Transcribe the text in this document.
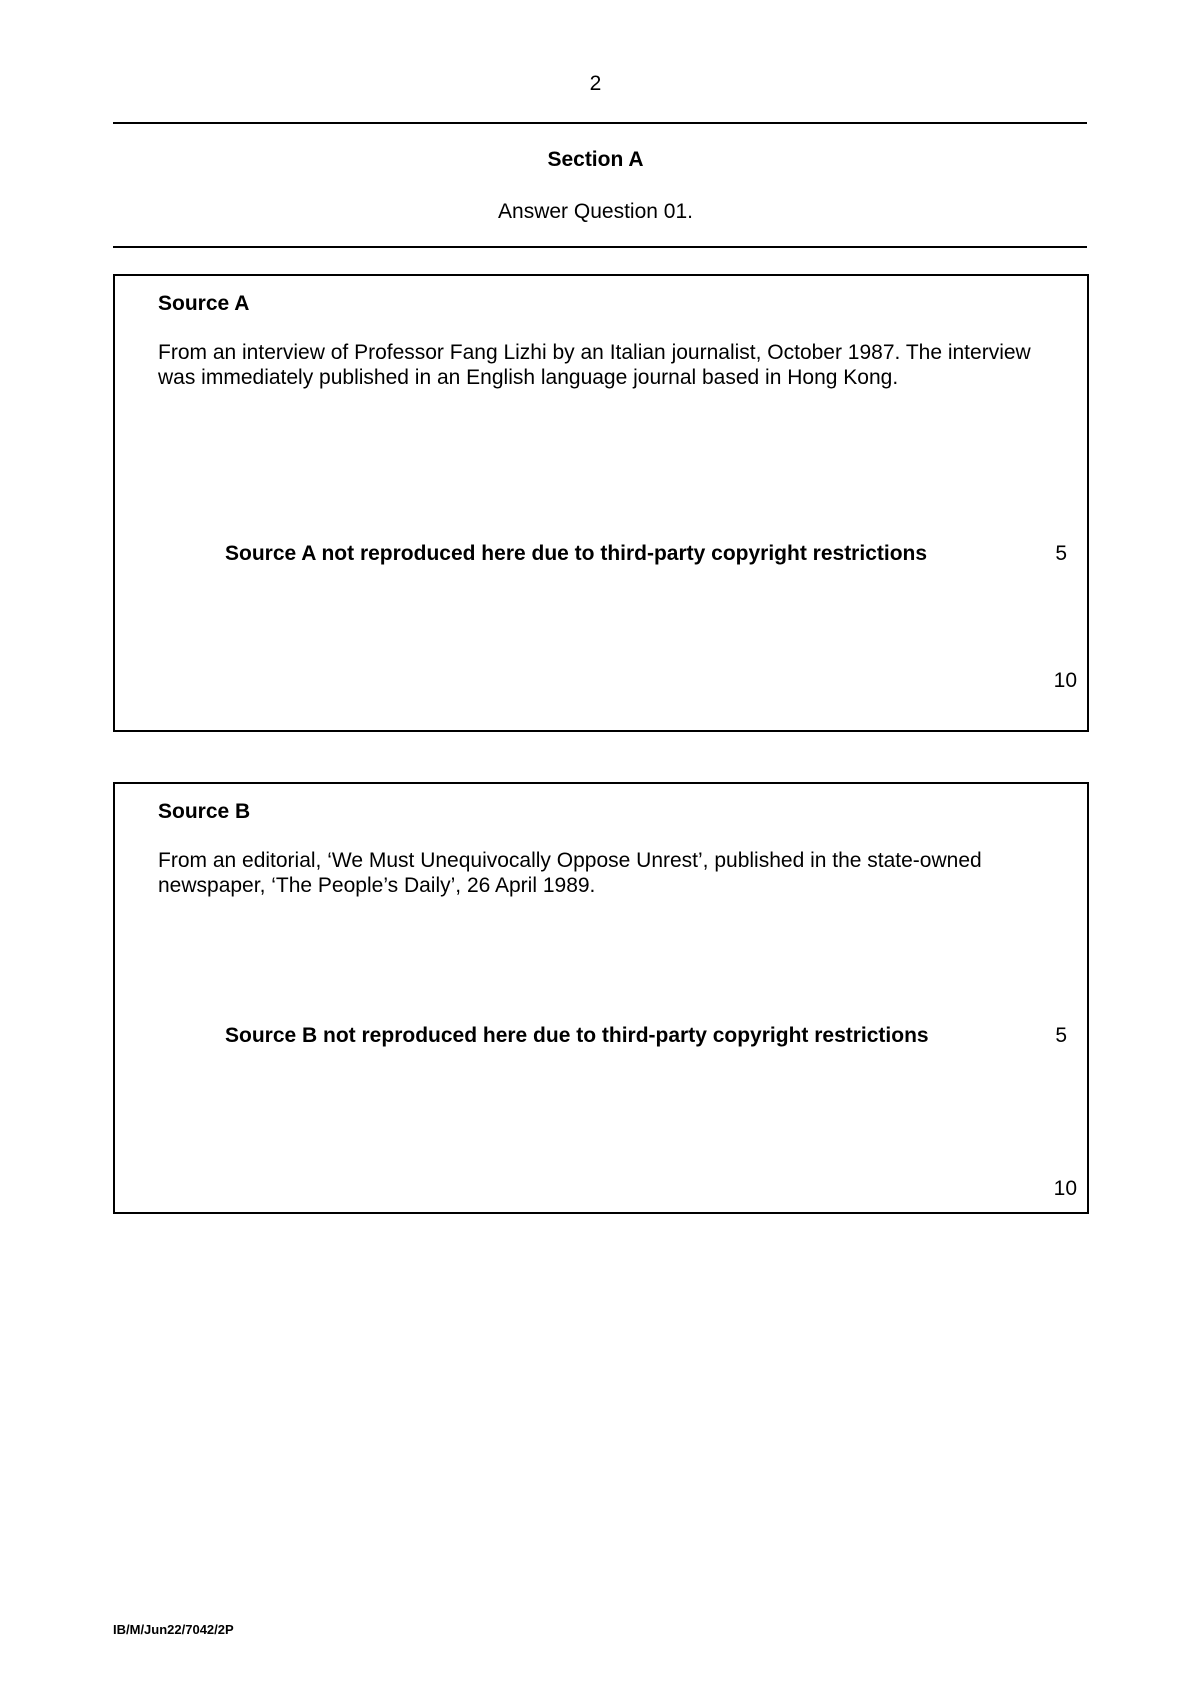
2
Section A
Answer Question 01.
Source A
From an interview of Professor Fang Lizhi by an Italian journalist, October 1987. The interview was immediately published in an English language journal based in Hong Kong.
Source A not reproduced here due to third-party copyright restrictions	5
10
Source B
From an editorial, ‘We Must Unequivocally Oppose Unrest’, published in the state-owned newspaper, ‘The People’s Daily’, 26 April 1989.
Source B not reproduced here due to third-party copyright restrictions	5
10
IB/M/Jun22/7042/2P
